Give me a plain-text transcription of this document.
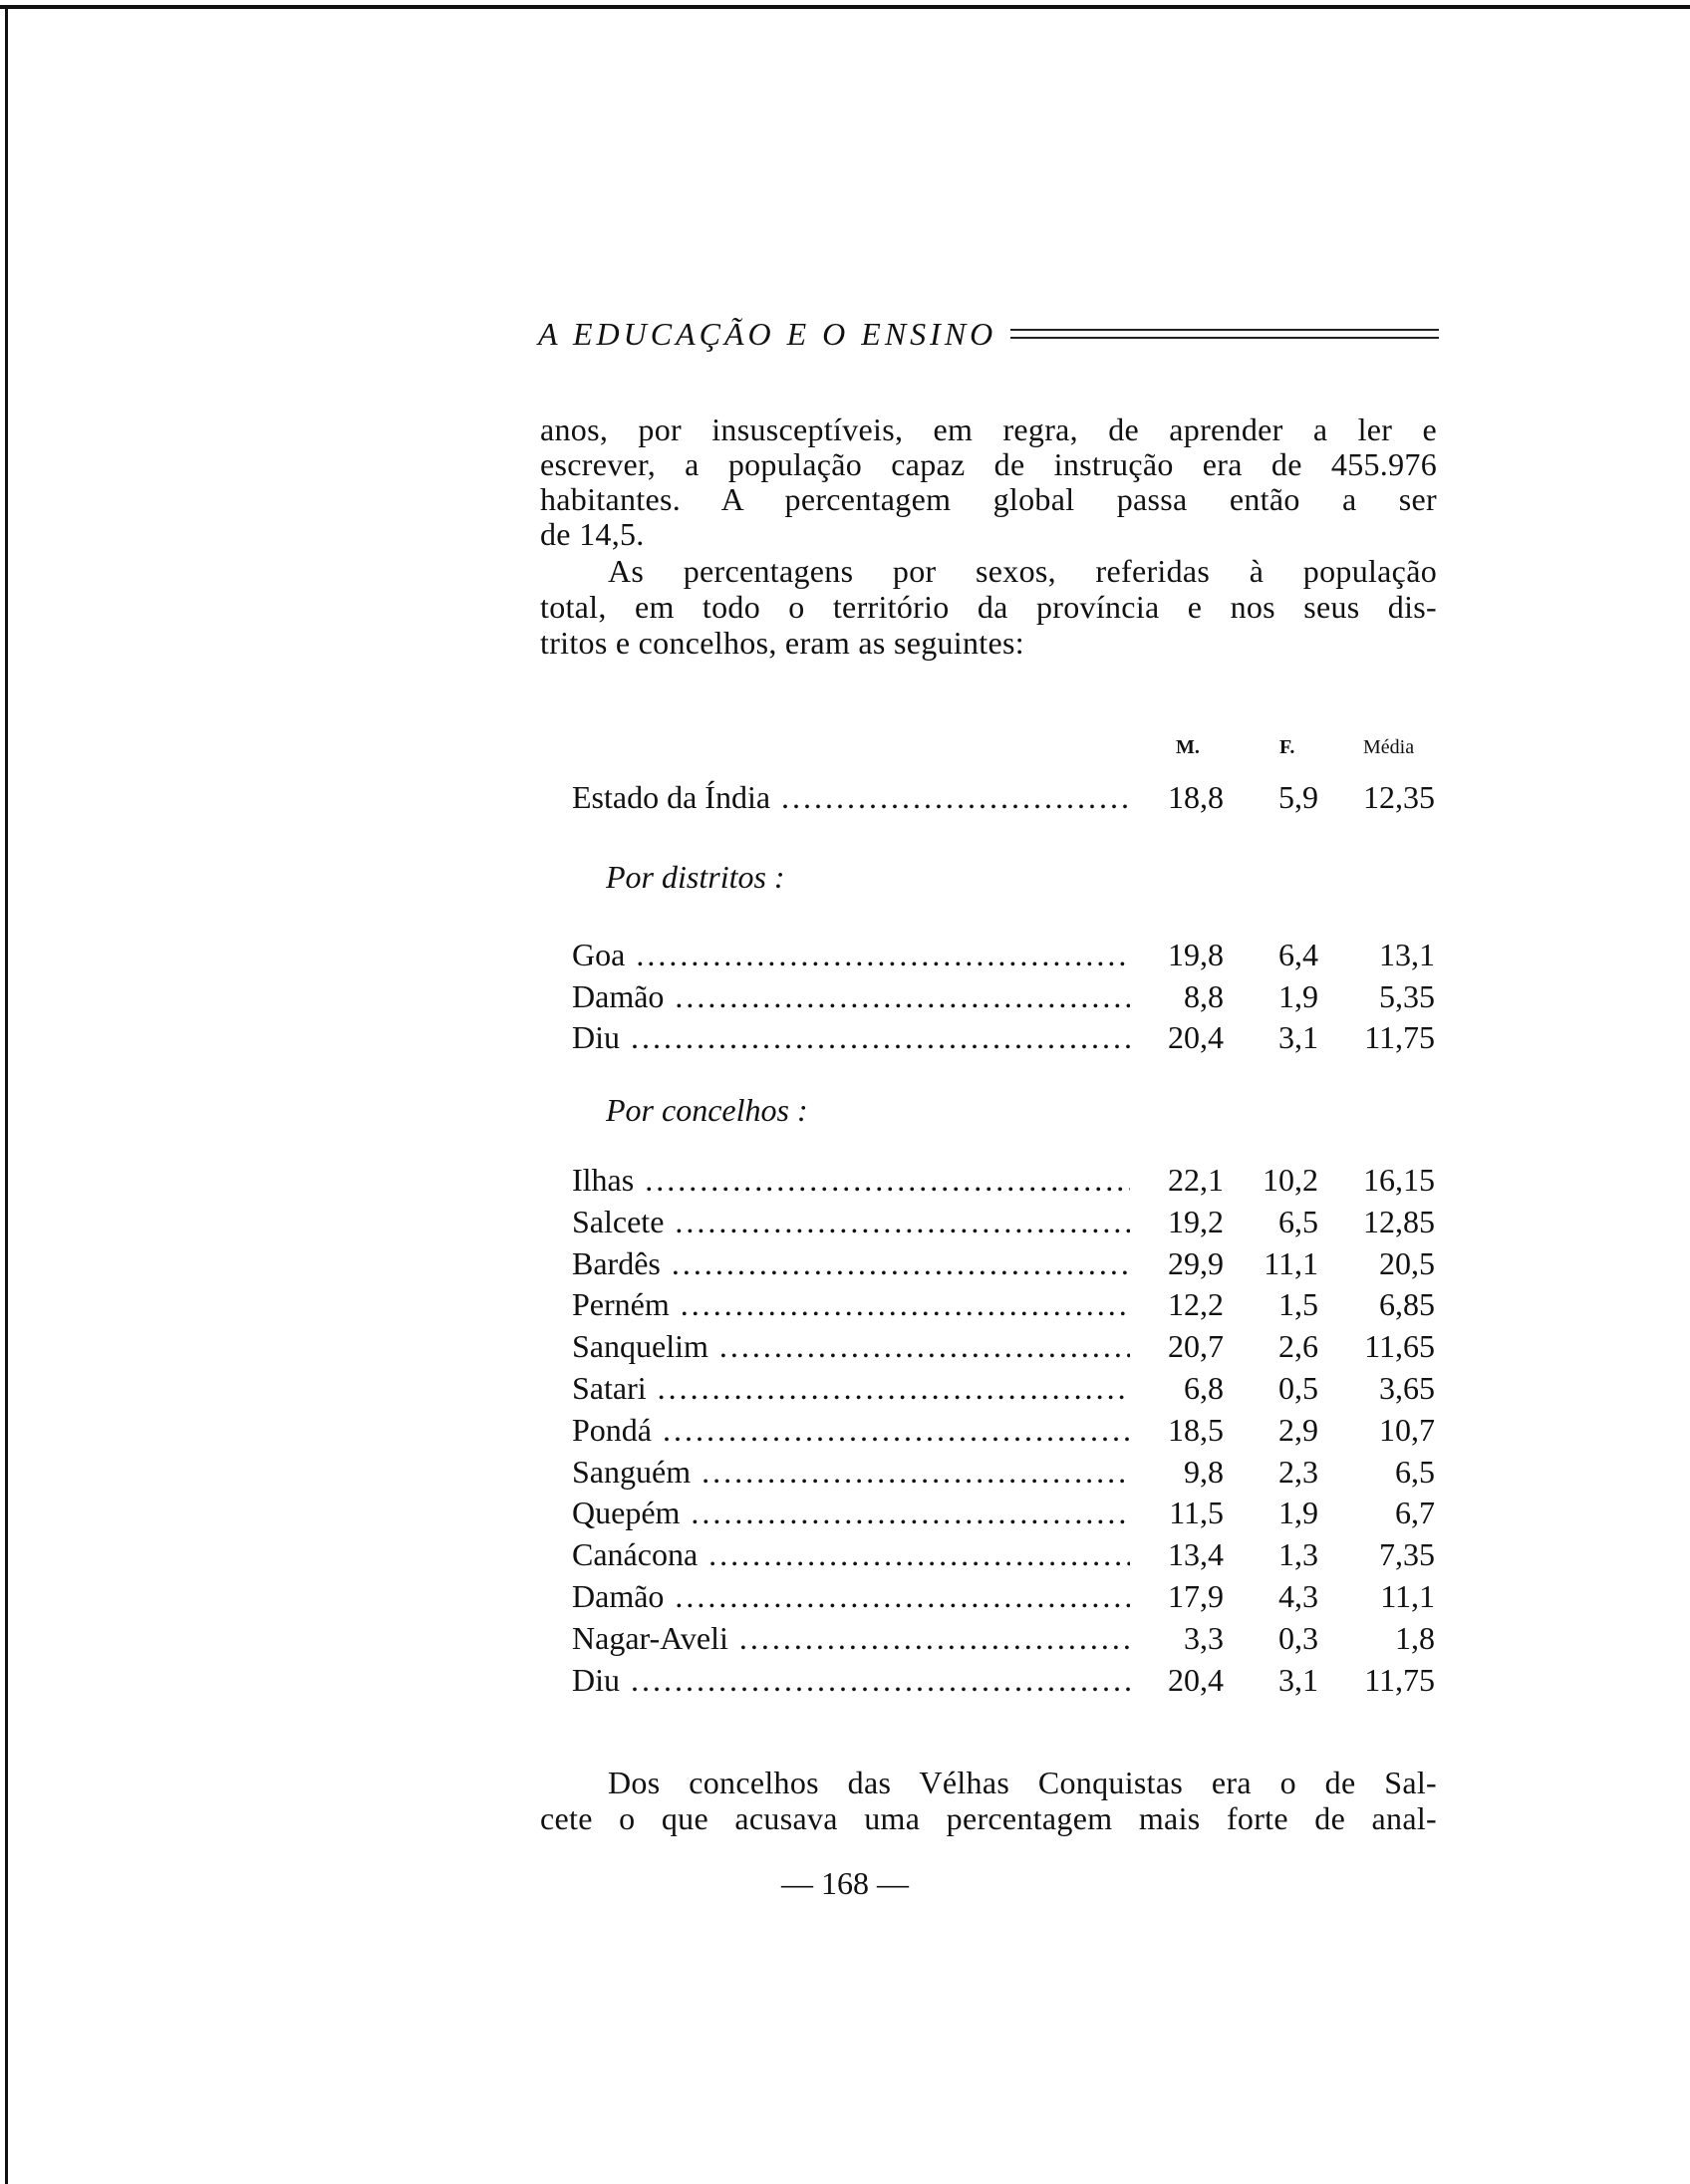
A EDUCAÇÃO E O ENSINO
anos, por insusceptíveis, em regra, de aprender a ler e
escrever, a população capaz de instrução era de 455.976
habitantes. A percentagem global passa então a ser
de 14,5.
As percentagens por sexos, referidas à população
total, em todo o território da província e nos seus dis-
tritos e concelhos, eram as seguintes:
M.	F.	Média
Estado da Índia .....	18,8 5,9 12,35
Por distritos :
Goa .....	19,8 6,4 13,1
Damão .....	8,8 1,9 5,35
Diu .....	20,4 3,1 11,75
Por concelhos :
Ilhas .....	22,1 10,2 16,15
Salcete .....	19,2 6,5 12,85
Bardês .....	29,9 11,1 20,5
Perném .....	12,2 1,5 6,85
Sanquelim .....	20,7 2,6 11,65
Satari .....	6,8 0,5 3,65
Pondá .....	18,5 2,9 10,7
Sanguém .....	9,8 2,3 6,5
Quepém .....	11,5 1,9 6,7
Canácona .....	13,4 1,3 7,35
Damão .....	17,9 4,3 11,1
Nagar-Aveli .....	3,3 0,3 1,8
Diu .....	20,4 3,1 11,75
Dos concelhos das Vélhas Conquistas era o de Sal-
cete o que acusava uma percentagem mais forte de anal-
— 168 —
